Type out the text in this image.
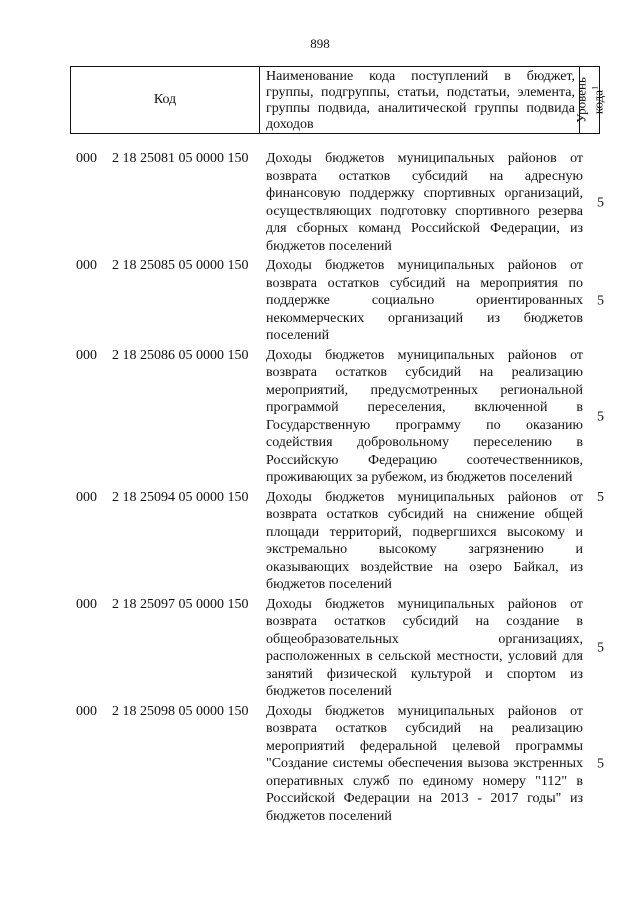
898
Код
Наименование кода поступлений в бюджет, группы, подгруппы, статьи, подстатьи, элемента, группы подвида, аналитической группы подвида доходов
Уровень кода$^1$
000 2 18 25081 05 0000 150 Доходы бюджетов муниципальных районов от возврата остатков субсидий на адресную финансовую поддержку спортивных организаций, осуществляющих подготовку спортивного резерва для сборных команд Российской Федерации, из бюджетов поселений
5
000 2 18 25085 05 0000 150 Доходы бюджетов муниципальных районов от возврата остатков субсидий на мероприятия по поддержке социально ориентированных некоммерческих организаций из бюджетов поселений
5
000 2 18 25086 05 0000 150 Доходы бюджетов муниципальных районов от возврата остатков субсидий на реализацию мероприятий, предусмотренных региональной программой переселения, включенной в Государственную программу по оказанию содействия добровольному переселению в Российскую Федерацию соотечественников, проживающих за рубежом, из бюджетов поселений
5
000 2 18 25094 05 0000 150 Доходы бюджетов муниципальных районов от возврата остатков субсидий на снижение общей площади территорий, подвергшихся высокому и экстремально высокому загрязнению и оказывающих воздействие на озеро Байкал, из бюджетов поселений
5
000 2 18 25097 05 0000 150 Доходы бюджетов муниципальных районов от возврата остатков субсидий на создание в общеобразовательных организациях, расположенных в сельской местности, условий для занятий физической культурой и спортом из бюджетов поселений
5
000 2 18 25098 05 0000 150 Доходы бюджетов муниципальных районов от возврата остатков субсидий на реализацию мероприятий федеральной целевой программы "Создание системы обеспечения вызова экстренных оперативных служб по единому номеру "112" в Российской Федерации на 2013 - 2017 годы" из бюджетов поселений
5
